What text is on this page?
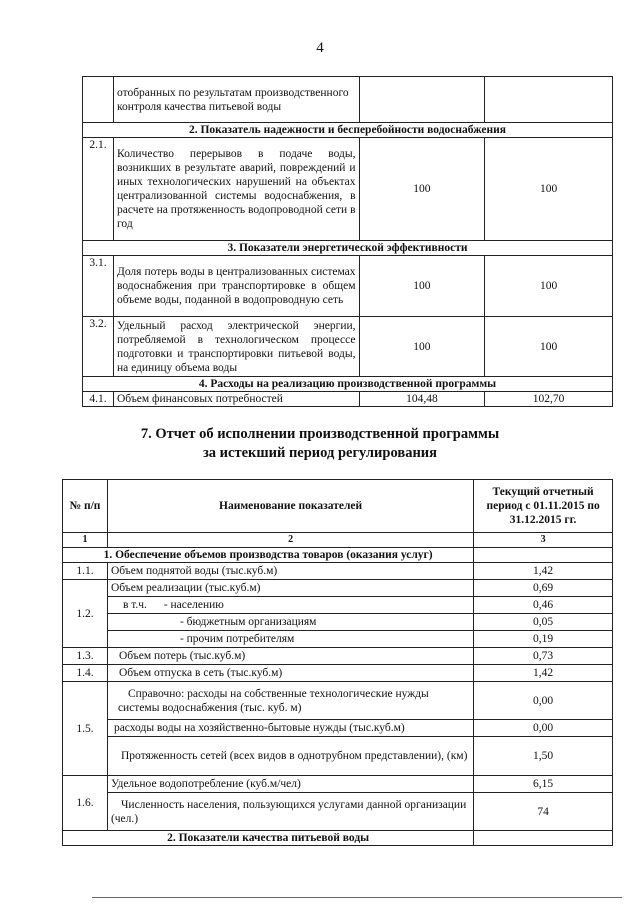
4
	отобранных по результатам производственного контроля качества питьевой воды		
2. Показатель надежности и бесперебойности водоснабжения			
2.1.	Количество перерывов в подаче воды, возникших в результате аварий, повреждений и иных технологических нарушений на объектах централизованной системы водоснабжения, в расчете на протяженность водопроводной сети в год	100	100
3. Показатели энергетической эффективности			
3.1.	Доля потерь воды в централизованных системах водоснабжения при транспортировке в общем объеме воды, поданной в водопроводную сеть	100	100
3.2.	Удельный расход электрической энергии, потребляемой в технологическом процессе подготовки и транспортировки питьевой воды, на единицу объема воды	100	100
4. Расходы на реализацию производственной программы			
4.1.	Объем финансовых потребностей	104,48	102,70
7. Отчет об исполнении производственной программы
за истекший период регулирования
№ п/п	Наименование показателей	Текущий отчетный период с 01.11.2015 по 31.12.2015 гг.
1	2	3
1. Обеспечение объемов производства товаров (оказания услуг)		
1.1.	Объем поднятой воды (тыс.куб.м)	1,42
1.2.	Объем реализации (тыс.куб.м)	0,69
	в т.ч. - населению	0,46
	- бюджетным организациям	0,05
	- прочим потребителям	0,19
1.3.	Объем потерь (тыс.куб.м)	0,73
1.4.	Объем отпуска в сеть (тыс.куб.м)	1,42
1.5.	Справочно: расходы на собственные технологические нужды системы водоснабжения (тыс. куб. м)	0,00
	расходы воды на хозяйственно-бытовые нужды (тыс.куб.м)	0,00

	Протяженность сетей (всех видов в однотрубном представлении), (км)	1,50
1.6.	Удельное водопотребление (куб.м/чел)	6,15

	Численность населения, пользующихся услугами данной организации (чел.)	74
2. Показатели качества питьевой воды		
